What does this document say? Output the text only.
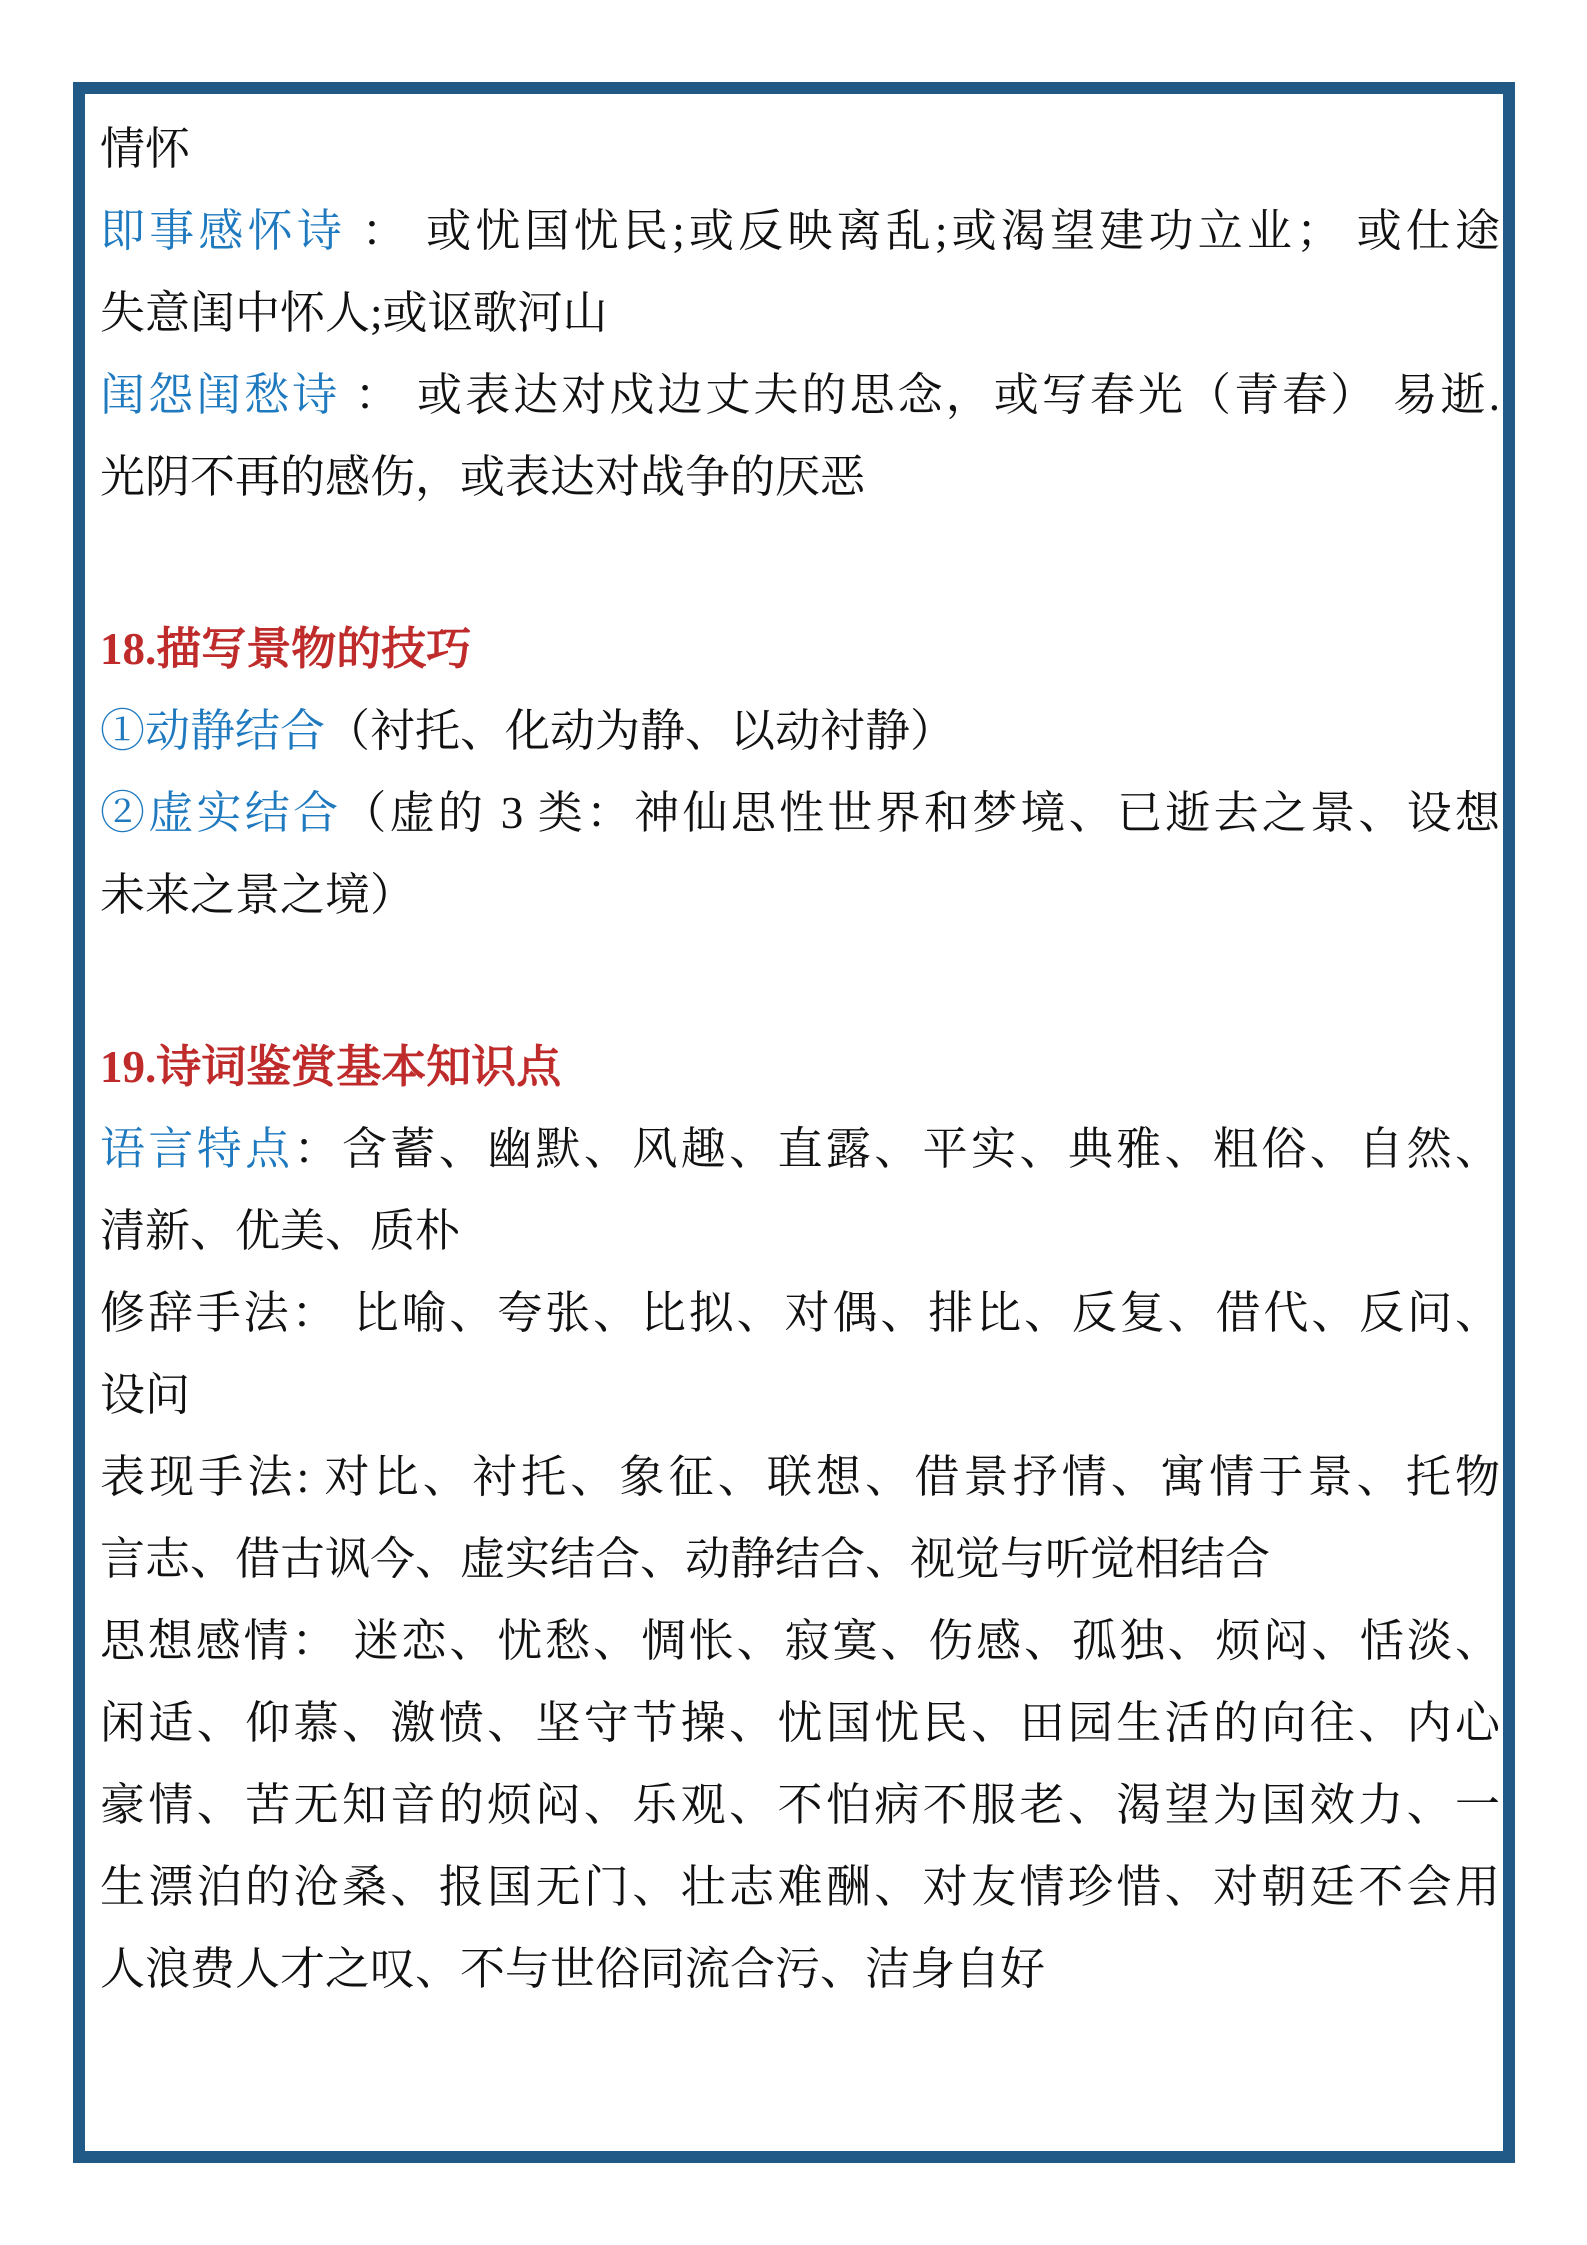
情怀
即事感怀诗 ： 或忧国忧民;或反映离乱;或渴望建功立业； 或仕途
失意闺中怀人;或讴歌河山
闺怨闺愁诗 ： 或表达对戍边丈夫的思念，或写春光（青春） 易逝.
光阴不再的感伤，或表达对战争的厌恶
18.描写景物的技巧
①动静结合（衬托、化动为静、以动衬静）
②虚实结合（虚的 3 类：神仙思性世界和梦境、已逝去之景、设想
未来之景之境）
19.诗词鉴赏基本知识点
语言特点：含蓄、幽默、风趣、直露、平实、典雅、粗俗、自然、
清新、优美、质朴
修辞手法： 比喻、夸张、比拟、对偶、排比、反复、借代、反问、
设问
表现手法: 对比、衬托、象征、联想、借景抒情、寓情于景、托物
言志、借古讽今、虚实结合、动静结合、视觉与听觉相结合
思想感情： 迷恋、忧愁、惆怅、寂寞、伤感、孤独、烦闷、恬淡、
闲适、仰慕、激愤、坚守节操、忧国忧民、田园生活的向往、内心
豪情、苦无知音的烦闷、乐观、不怕病不服老、渴望为国效力、一
生漂泊的沧桑、报国无门、壮志难酬、对友情珍惜、对朝廷不会用
人浪费人才之叹、不与世俗同流合污、洁身自好
